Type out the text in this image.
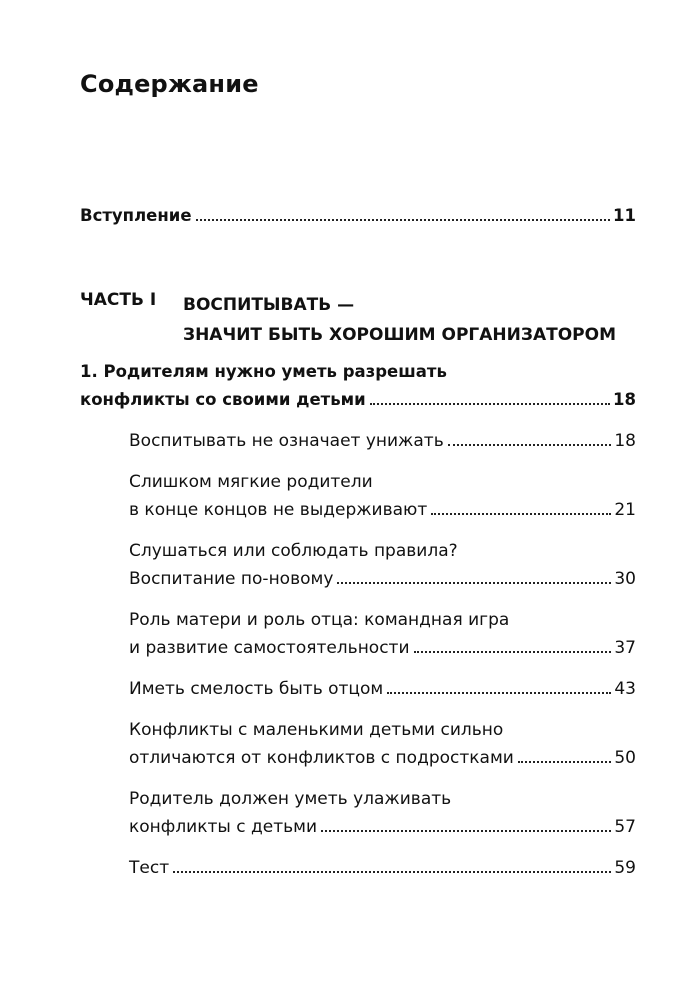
Содержание
Вступление	11
ЧАСТЬ I ВОСПИТЫВАТЬ —
ЗНАЧИТ БЫТЬ ХОРОШИМ ОРГАНИЗАТОРОМ
1. Родителям нужно уметь разрешать
конфликты со своими детьми	18
Воспитывать не означает унижать	18
Слишком мягкие родители
в конце концов не выдерживают	21
Слушаться или соблюдать правила?
Воспитание по-новому	30
Роль матери и роль отца: командная игра
и развитие самостоятельности	37
Иметь смелость быть отцом	43
Конфликты с маленькими детьми сильно
отличаются от конфликтов с подростками	50
Родитель должен уметь улаживать
конфликты с детьми	57
Тест	59
